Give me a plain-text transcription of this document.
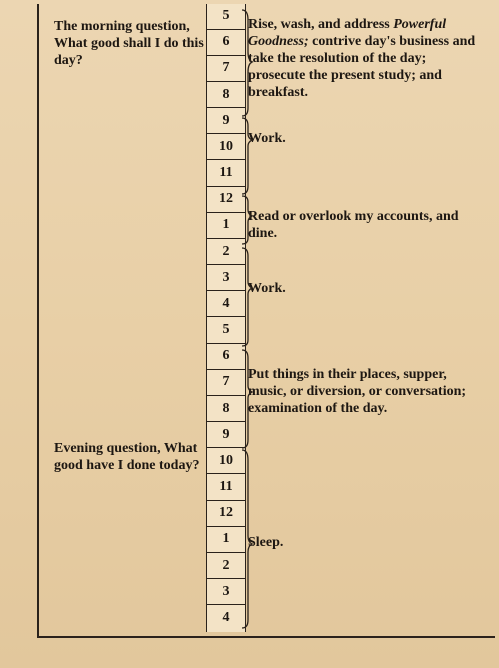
The morning question, What good shall I do this day?
Rise, wash, and address Powerful Goodness; contrive day's business and take the resolution of the day; prosecute the present study; and breakfast.
5
6
7
8
9
10
11
12
1
2
3
4
5
6
7
8
9
10
11
12
1
2
3
4
Work.
Read or overlook my accounts, and dine.
Work.
Put things in their places, supper, music, or diversion, or conversation; examination of the day.
Sleep.
Evening question, What good have I done today?
